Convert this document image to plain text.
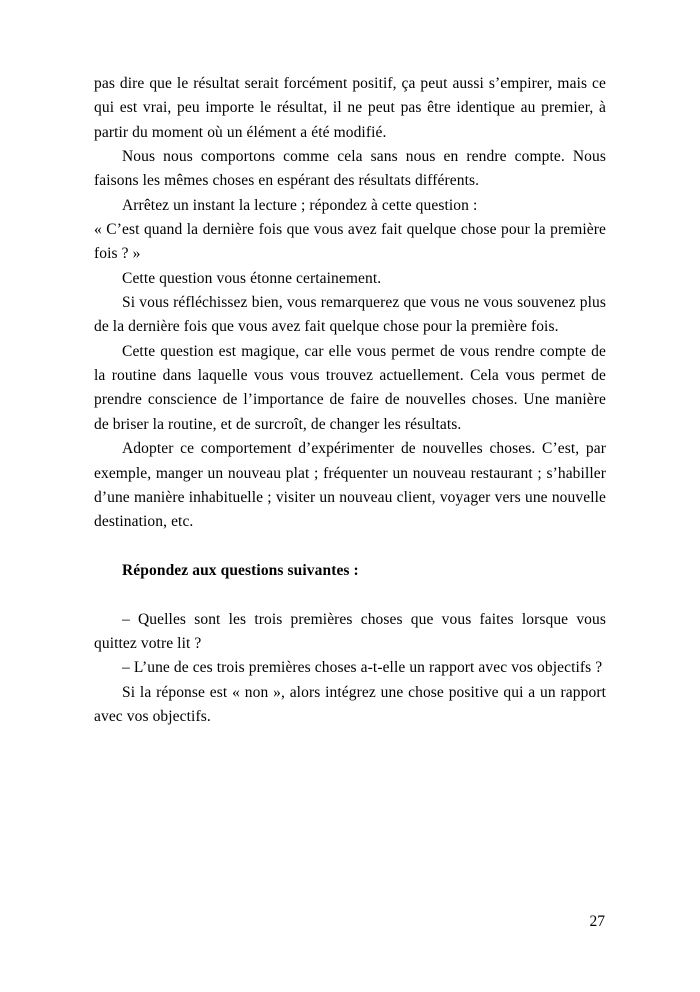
pas dire que le résultat serait forcément positif, ça peut aussi s’empirer, mais ce qui est vrai, peu importe le résultat, il ne peut pas être identique au premier, à partir du moment où un élément a été modifié.

Nous nous comportons comme cela sans nous en rendre compte. Nous faisons les mêmes choses en espérant des résultats différents.

Arrêtez un instant la lecture ; répondez à cette question :

« C’est quand la dernière fois que vous avez fait quelque chose pour la première fois ? »

Cette question vous étonne certainement.

Si vous réfléchissez bien, vous remarquerez que vous ne vous souvenez plus de la dernière fois que vous avez fait quelque chose pour la première fois.

Cette question est magique, car elle vous permet de vous rendre compte de la routine dans laquelle vous vous trouvez actuellement. Cela vous permet de prendre conscience de l’importance de faire de nouvelles choses. Une manière de briser la routine, et de surcroît, de changer les résultats.

Adopter ce comportement d’expérimenter de nouvelles choses. C’est, par exemple, manger un nouveau plat ; fréquenter un nouveau restaurant ; s’habiller d’une manière inhabituelle ; visiter un nouveau client, voyager vers une nouvelle destination, etc.

Répondez aux questions suivantes :

– Quelles sont les trois premières choses que vous faites lorsque vous quittez votre lit ?

– L’une de ces trois premières choses a-t-elle un rapport avec vos objectifs ?

Si la réponse est « non », alors intégrez une chose positive qui a un rapport avec vos objectifs.

27
